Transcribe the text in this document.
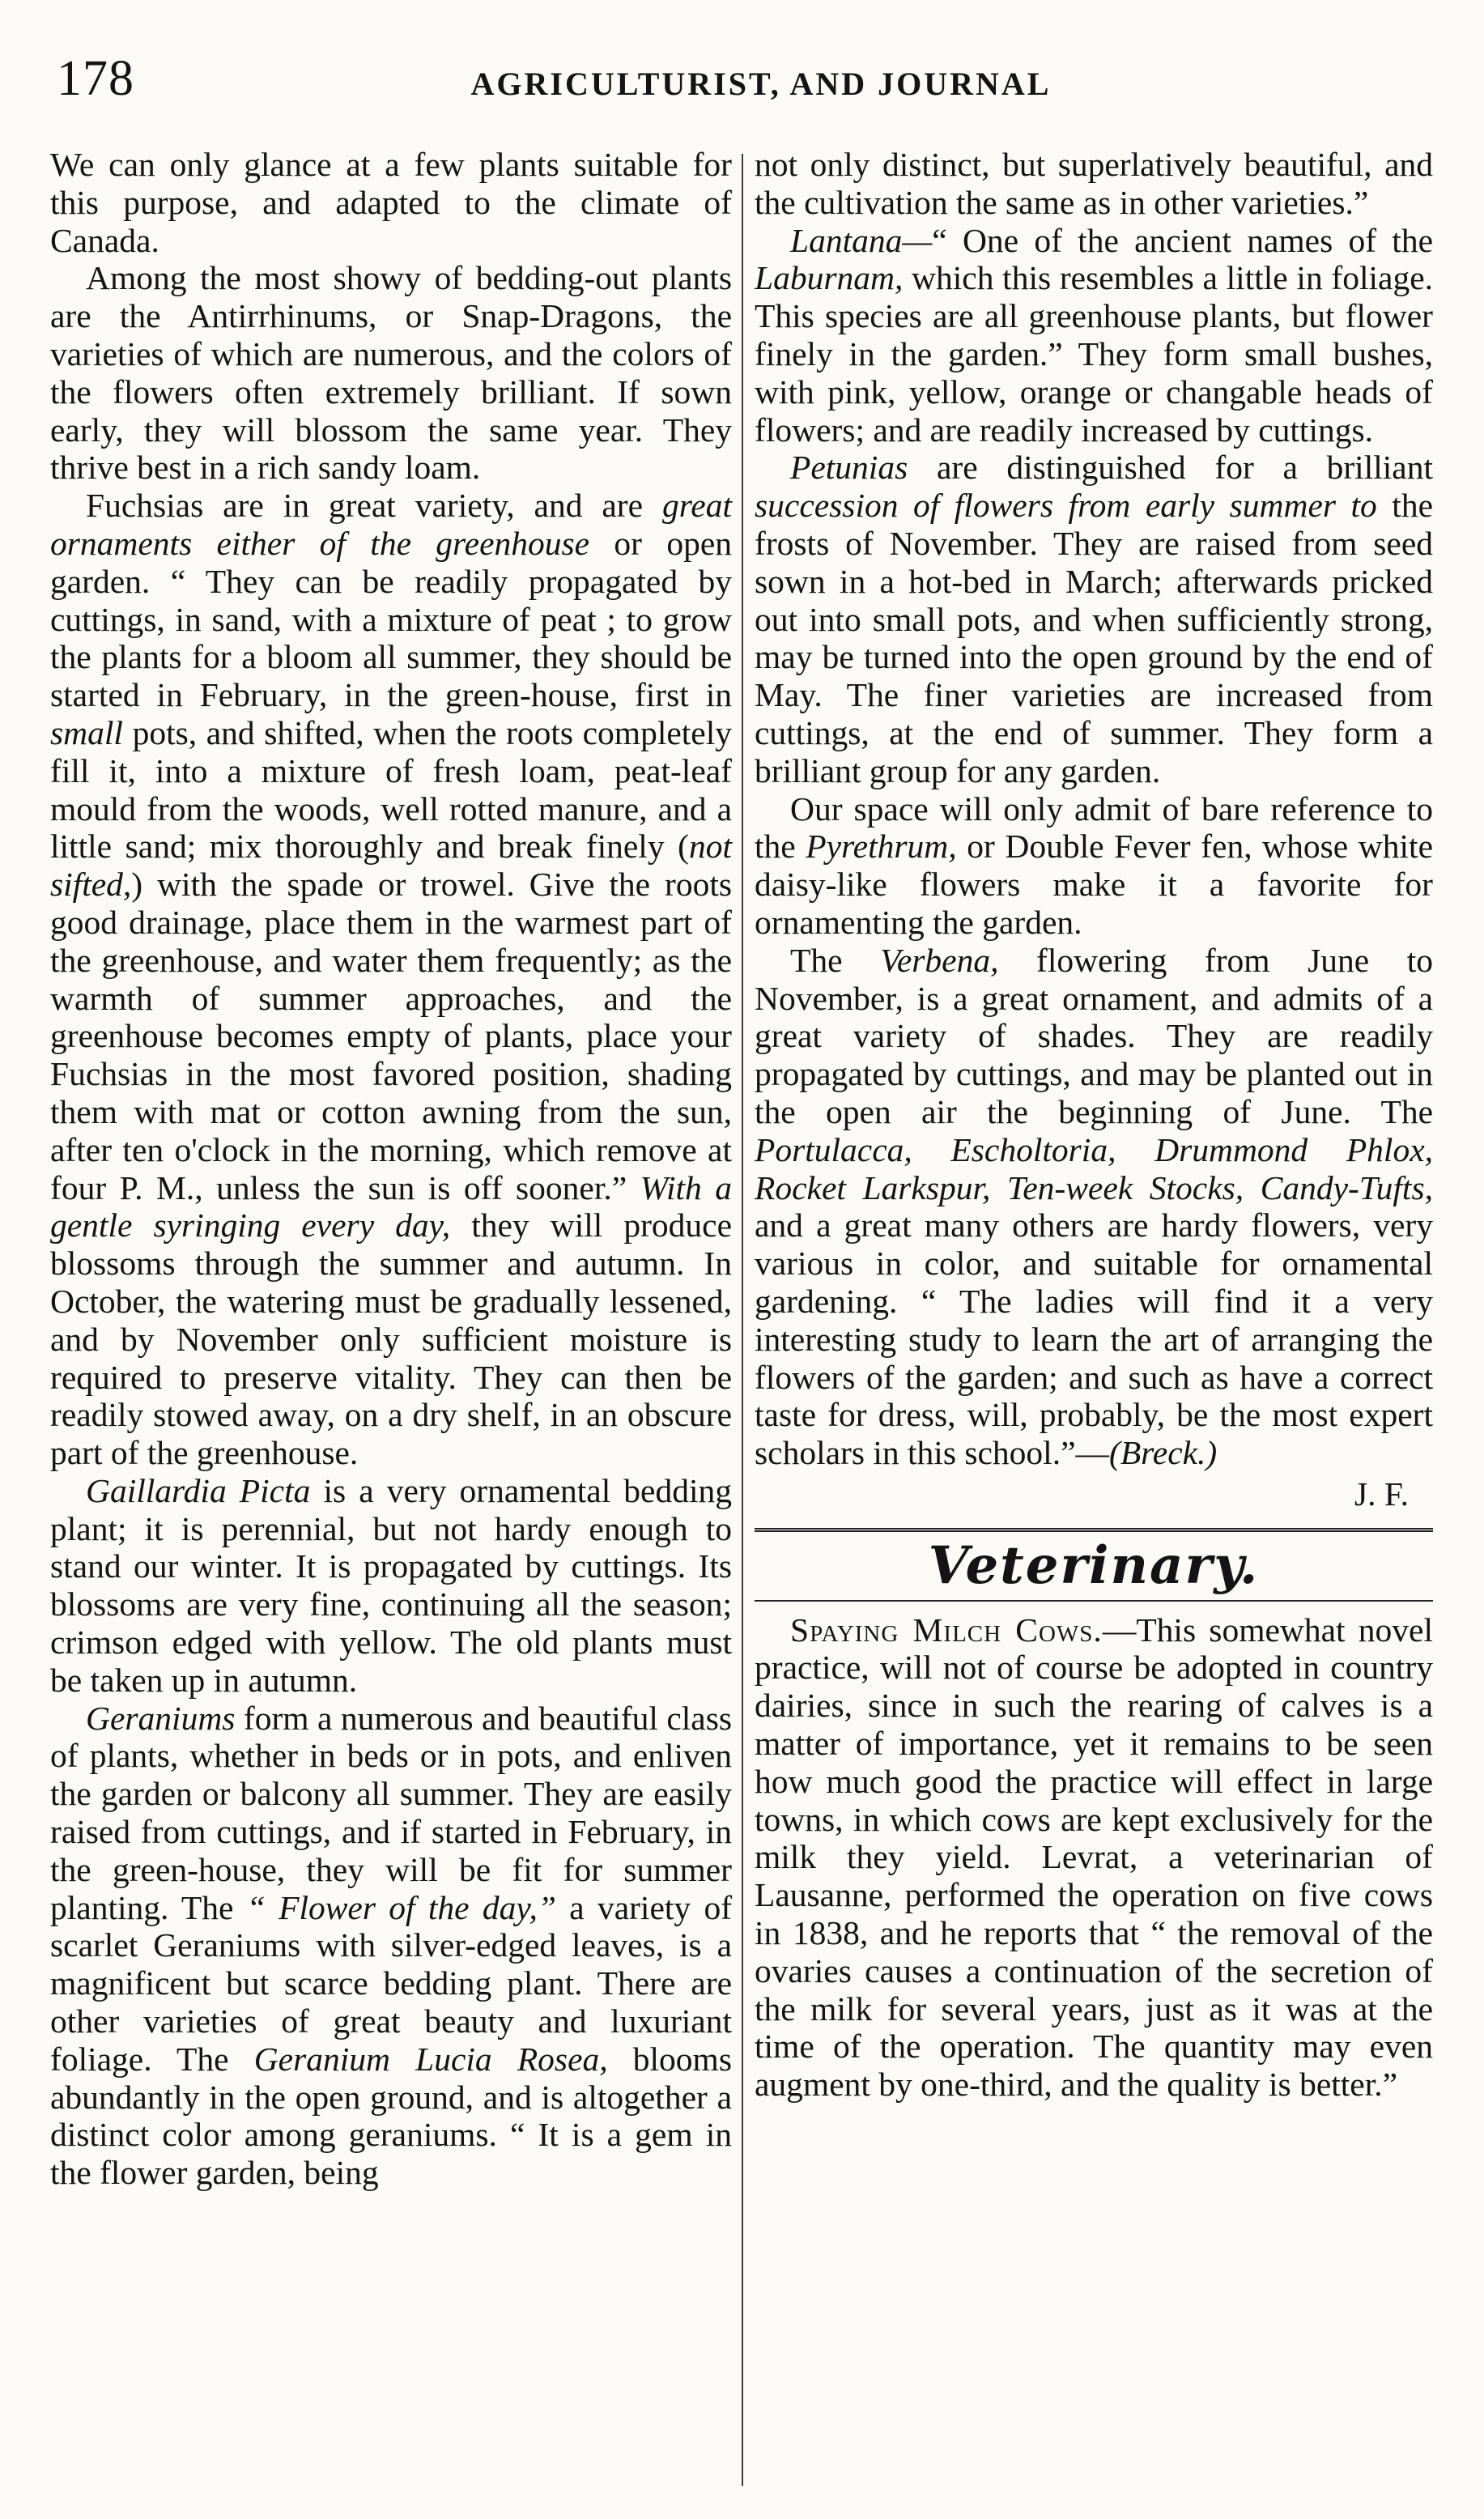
178	AGRICULTURIST, AND JOURNAL

We can only glance at a few plants suitable for this purpose, and adapted to the climate of Canada.

Among the most showy of bedding-out plants are the Antirrhinums, or Snap-Dragons, the varieties of which are numerous, and the colors of the flowers often extremely brilliant. If sown early, they will blossom the same year. They thrive best in a rich sandy loam.

Fuchsias are in great variety, and are great ornaments either of the greenhouse or open garden. “ They can be readily propagated by cuttings, in sand, with a mixture of peat ; to grow the plants for a bloom all summer, they should be started in February, in the green-house, first in small pots, and shifted, when the roots completely fill it, into a mixture of fresh loam, peat-leaf mould from the woods, well rotted manure, and a little sand; mix thoroughly and break finely (not sifted,) with the spade or trowel. Give the roots good drainage, place them in the warmest part of the greenhouse, and water them frequently; as the warmth of summer approaches, and the greenhouse becomes empty of plants, place your Fuchsias in the most favored position, shading them with mat or cotton awning from the sun, after ten o'clock in the morning, which remove at four P. M., unless the sun is off sooner.” With a gentle syringing every day, they will produce blossoms through the summer and autumn. In October, the watering must be gradually lessened, and by November only sufficient moisture is required to preserve vitality. They can then be readily stowed away, on a dry shelf, in an obscure part of the greenhouse.

Gaillardia Picta is a very ornamental bedding plant; it is perennial, but not hardy enough to stand our winter. It is propagated by cuttings. Its blossoms are very fine, continuing all the season; crimson edged with yellow. The old plants must be taken up in autumn.

Geraniums form a numerous and beautiful class of plants, whether in beds or in pots, and enliven the garden or balcony all summer. They are easily raised from cuttings, and if started in February, in the green-house, they will be fit for summer planting. The “ Flower of the day,” a variety of scarlet Geraniums with silver-edged leaves, is a magnificent but scarce bedding plant. There are other varieties of great beauty and luxuriant foliage. The Geranium Lucia Rosea, blooms abundantly in the open ground, and is altogether a distinct color among geraniums. “ It is a gem in the flower garden, being

not only distinct, but superlatively beautiful, and the cultivation the same as in other varieties.”

Lantana—“ One of the ancient names of the Laburnam, which this resembles a little in foliage. This species are all greenhouse plants, but flower finely in the garden.” They form small bushes, with pink, yellow, orange or changable heads of flowers; and are readily increased by cuttings.

Petunias are distinguished for a brilliant succession of flowers from early summer to the frosts of November. They are raised from seed sown in a hot-bed in March; afterwards pricked out into small pots, and when sufficiently strong, may be turned into the open ground by the end of May. The finer varieties are increased from cuttings, at the end of summer. They form a brilliant group for any garden.

Our space will only admit of bare reference to the Pyrethrum, or Double Fever fen, whose white daisy-like flowers make it a favorite for ornamenting the garden.

The Verbena, flowering from June to November, is a great ornament, and admits of a great variety of shades. They are readily propagated by cuttings, and may be planted out in the open air the beginning of June. The Portulacca, Escholtoria, Drummond Phlox, Rocket Larkspur, Ten-week Stocks, Candy-Tufts, and a great many others are hardy flowers, very various in color, and suitable for ornamental gardening. “ The ladies will find it a very interesting study to learn the art of arranging the flowers of the garden; and such as have a correct taste for dress, will, probably, be the most expert scholars in this school.”—(Breck.)

J. F.

Veterinary.

Spaying Milch Cows.—This somewhat novel practice, will not of course be adopted in country dairies, since in such the rearing of calves is a matter of importance, yet it remains to be seen how much good the practice will effect in large towns, in which cows are kept exclusively for the milk they yield. Levrat, a veterinarian of Lausanne, performed the operation on five cows in 1838, and he reports that “ the removal of the ovaries causes a continuation of the secretion of the milk for several years, just as it was at the time of the operation. The quantity may even augment by one-third, and the quality is better.”
